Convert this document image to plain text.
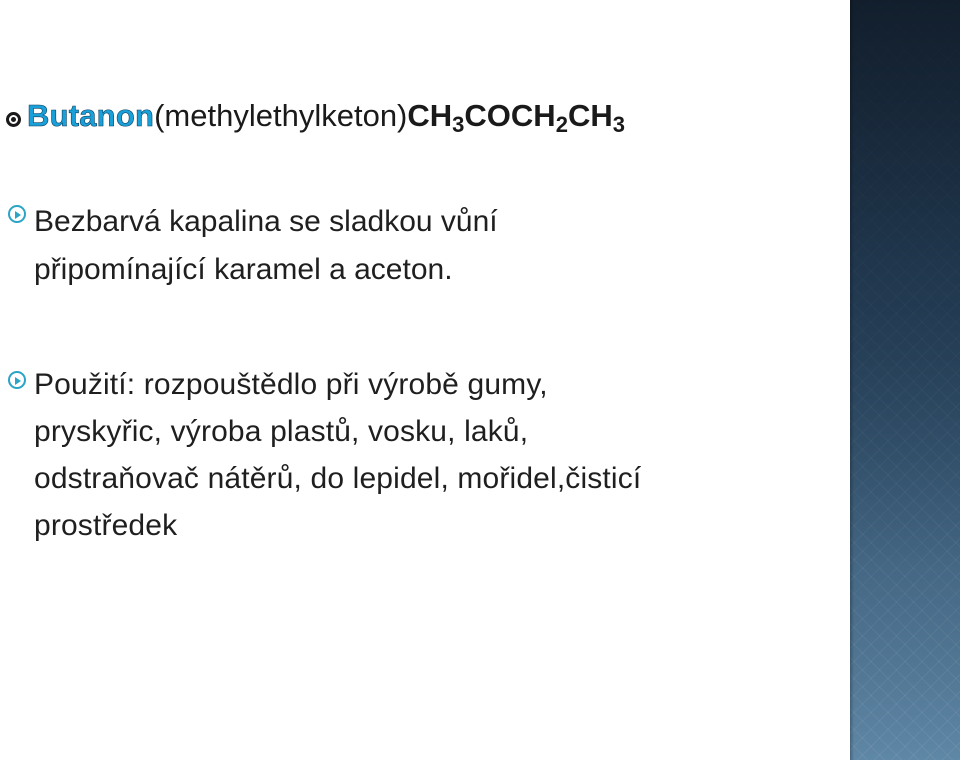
Butanon (methylethylketon) $CH_3COCH_2CH_3$
Bezbarvá kapalina se sladkou vůní
připomínající karamel a aceton.
Použití: rozpouštědlo při výrobě gumy,
pryskyřic, výroba plastů, vosku, laků,
odstraňovač nátěrů, do lepidel, mořidel,čisticí
prostředek
